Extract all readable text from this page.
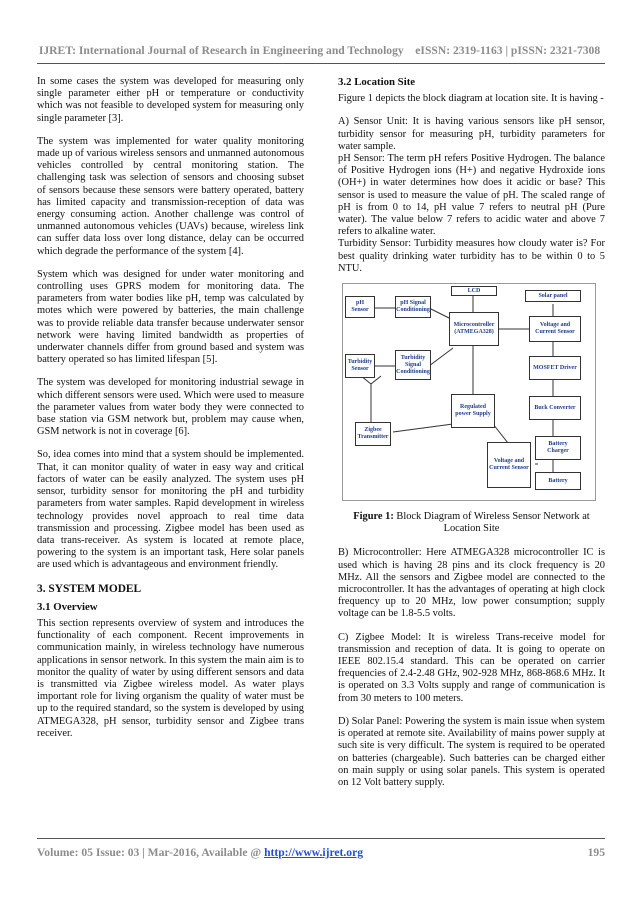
IJRET: International Journal of Research in Engineering and Technology eISSN: 2319-1163 | pISSN: 2321-7308

In some cases the system was developed for measuring only single parameter either pH or temperature or conductivity which was not feasible to developed system for measuring only single parameter [3].

The system was implemented for water quality monitoring made up of various wireless sensors and unmanned autonomous vehicles controlled by central monitoring station. The challenging task was selection of sensors and choosing subset of sensors because these sensors were battery operated, battery has limited capacity and transmission-reception of data was energy consuming action. Another challenge was control of unmanned autonomous vehicles (UAVs) because, wireless link can suffer data loss over long distance, delay can be occurred which degrade the performance of the system [4].

System which was designed for under water monitoring and controlling uses GPRS modem for monitoring data. The parameters from water bodies like pH, temp was calculated by motes which were powered by batteries, the main challenge was to provide reliable data transfer because underwater sensor network were having limited bandwidth as properties of underwater channels differ from ground based and system was battery operated so has limited lifespan [5].

The system was developed for monitoring industrial sewage in which different sensors were used. Which were used to measure the parameter values from water body they were connected to base station via GSM network but, problem may cause when, GSM network is not in coverage [6].

So, idea comes into mind that a system should be implemented. That, it can monitor quality of water in easy way and critical factors of water can be easily analyzed. The system uses pH sensor, turbidity sensor for monitoring the pH and turbidity parameters from water samples. Rapid development in wireless technology provides novel approach to real time data transmission and processing. Zigbee model has been used as data trans-receiver. As system is located at remote place, powering to the system is an important task, Here solar panels are used which is advantageous and environment friendly.

3. SYSTEM MODEL
3.1 Overview

This section represents overview of system and introduces the functionality of each component. Recent improvements in communication mainly, in wireless technology have numerous applications in sensor network. In this system the main aim is to monitor the quality of water by using different sensors and data is transmitted via Zigbee wireless model. As water plays important role for living organism the quality of water must be up to the required standard, so the system is developed by using ATMEGA328, pH sensor, turbidity sensor and Zigbee trans receiver.

3.2 Location Site

Figure 1 depicts the block diagram at location site. It is having -

A) Sensor Unit: It is having various sensors like pH sensor, turbidity sensor for measuring pH, turbidity parameters for water sample.

pH Sensor: The term pH refers Positive Hydrogen. The balance of Positive Hydrogen ions (H+) and negative Hydroxide ions (OH+) in water determines how does it acidic or base? This sensor is used to measure the value of pH. The scaled range of pH is from 0 to 14, pH value 7 refers to neutral pH (Pure water). The value below 7 refers to acidic water and above 7 refers to alkaline water.

Turbidity Sensor: Turbidity measures how cloudy water is? For best quality drinking water turbidity has to be within 0 to 5 NTU.

LCD
Solar panel
pH Sensor
pH Signal Conditioning
Microcontroller (ATMEGA328)
Voltage and Current Sensor
Turbidity Sensor
Turbidity Signal Conditioning
MOSFET Driver
Regulated power Supply
Buck Converter
Zigbee Transmitter
Voltage and Current Sensor
Battery Charger
Battery
Figure 1: Block Diagram of Wireless Sensor Network at Location Site

B) Microcontroller: Here ATMEGA328 microcontroller IC is used which is having 28 pins and its clock frequency is 20 MHz. All the sensors and Zigbee model are connected to the microcontroller. It has the advantages of operating at high clock frequency up to 20 MHz, low power consumption; supply voltage can be 1.8-5.5 volts.

C) Zigbee Model: It is wireless Trans-receive model for transmission and reception of data. It is going to operate on IEEE 802.15.4 standard. This can be operated on carrier frequencies of 2.4-2.48 GHz, 902-928 MHz, 868-868.6 MHz. It is operated on 3.3 Volts supply and range of communication is from 30 meters to 100 meters.

D) Solar Panel: Powering the system is main issue when system is operated at remote site. Availability of mains power supply at such site is very difficult. The system is required to be operated on batteries (chargeable). Such batteries can be charged either on main supply or using solar panels. This system is operated on 12 Volt battery supply.

Volume: 05 Issue: 03 | Mar-2016, Available @ http://www.ijret.org	195
